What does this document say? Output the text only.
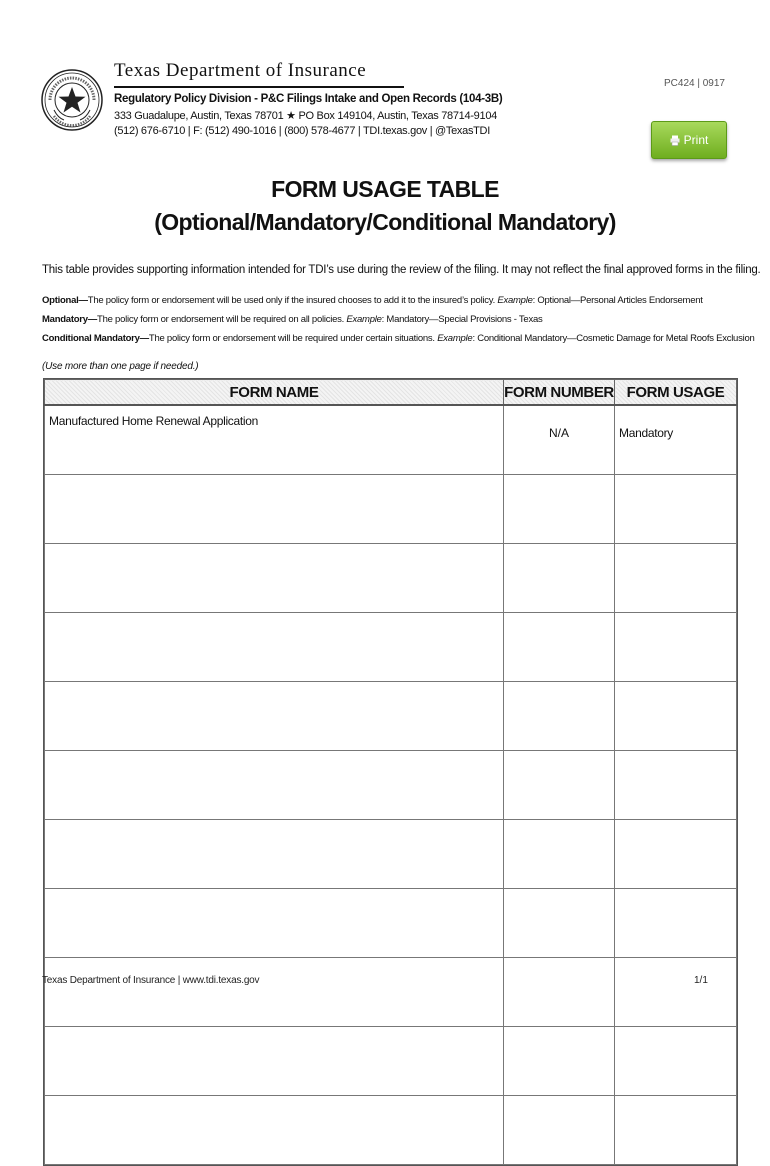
Texas Department of Insurance
Regulatory Policy Division - P&C Filings Intake and Open Records (104-3B)
333 Guadalupe, Austin, Texas 78701 ★ PO Box 149104, Austin, Texas 78714-9104
(512) 676-6710 | F: (512) 490-1016 | (800) 578-4677 | TDI.texas.gov | @TexasTDI
PC424 | 0917
Print
FORM USAGE TABLE
(Optional/Mandatory/Conditional Mandatory)
This table provides supporting information intended for TDI’s use during the review of the filing. It may not reflect the final approved forms in the filing.
Optional—The policy form or endorsement will be used only if the insured chooses to add it to the insured’s policy. Example: Optional—Personal Articles Endorsement
Mandatory—The policy form or endorsement will be required on all policies. Example: Mandatory—Special Provisions - Texas
Conditional Mandatory—The policy form or endorsement will be required under certain situations. Example: Conditional Mandatory—Cosmetic Damage for Metal Roofs Exclusion
(Use more than one page if needed.)
FORM NAME	FORM NUMBER	FORM USAGE
Manufactured Home Renewal Application	N/A	Mandatory

Texas Department of Insurance | www.tdi.texas.gov	1/1
